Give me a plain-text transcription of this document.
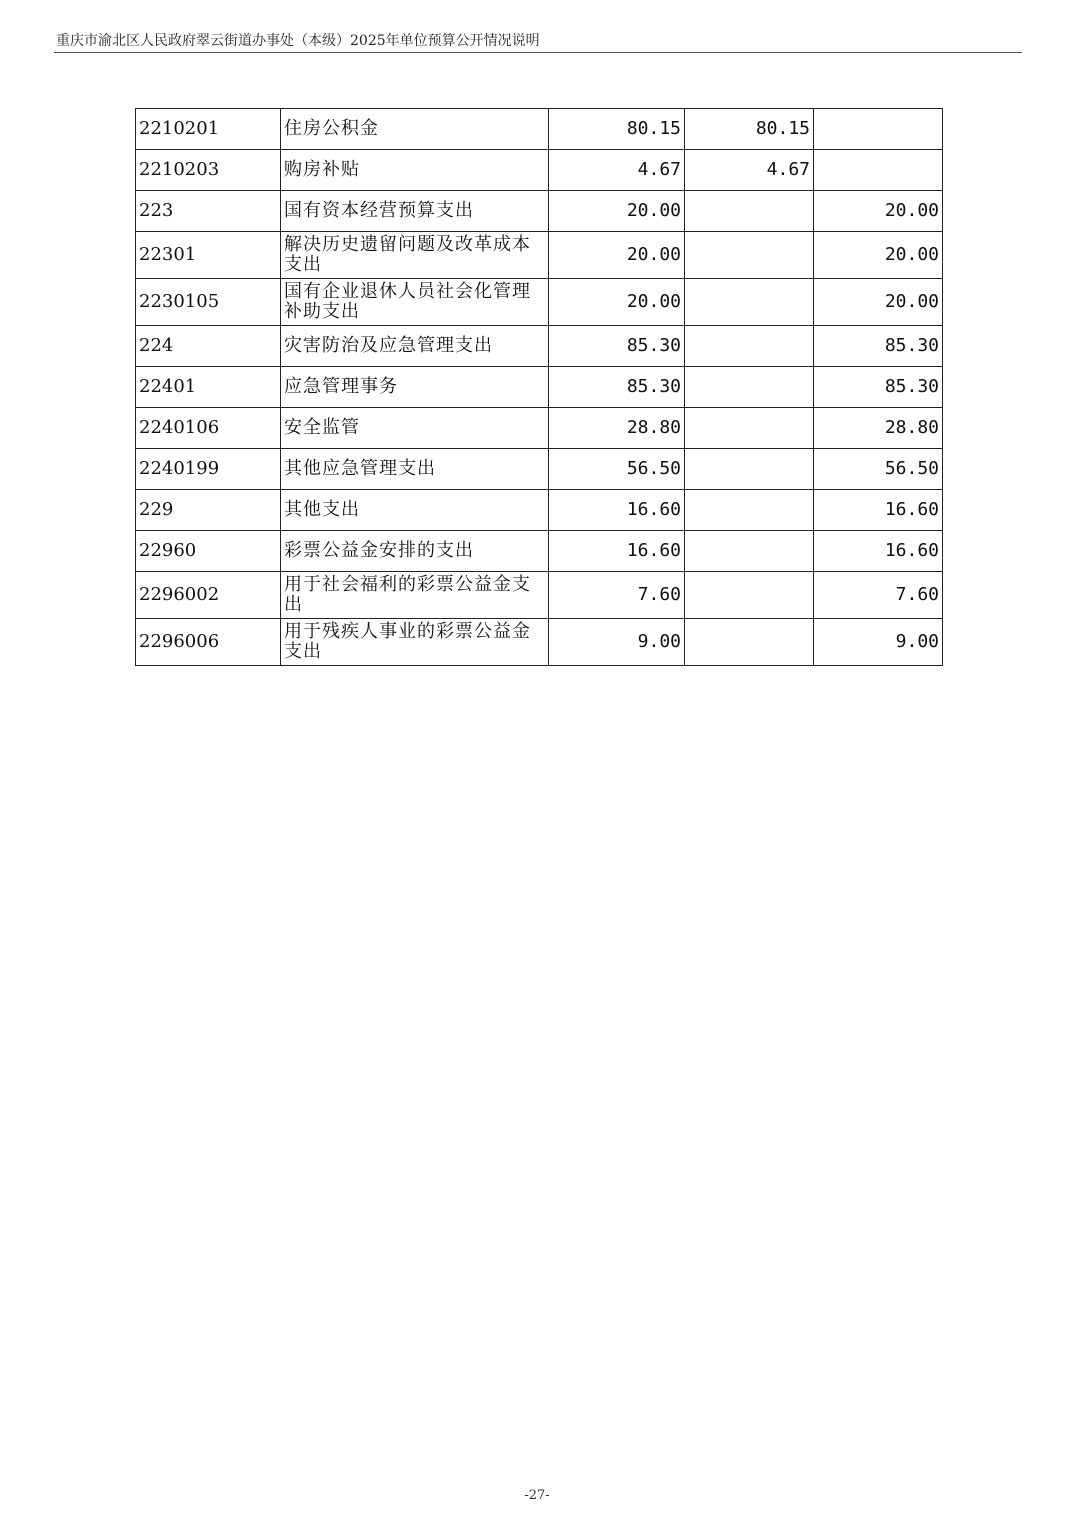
重庆市渝北区人民政府翠云街道办事处（本级）2025年单位预算公开情况说明
2210201	住房公积金	80.15	80.15	
2210203	购房补贴	4.67	4.67	
223	国有资本经营预算支出	20.00		20.00
22301	解决历史遗留问题及改革成本支出	20.00		20.00
2230105	国有企业退休人员社会化管理补助支出	20.00		20.00
224	灾害防治及应急管理支出	85.30		85.30
22401	应急管理事务	85.30		85.30
2240106	安全监管	28.80		28.80
2240199	其他应急管理支出	56.50		56.50
229	其他支出	16.60		16.60
22960	彩票公益金安排的支出	16.60		16.60
2296002	用于社会福利的彩票公益金支出	7.60		7.60
2296006	用于残疾人事业的彩票公益金支出	9.00		9.00
-27-
